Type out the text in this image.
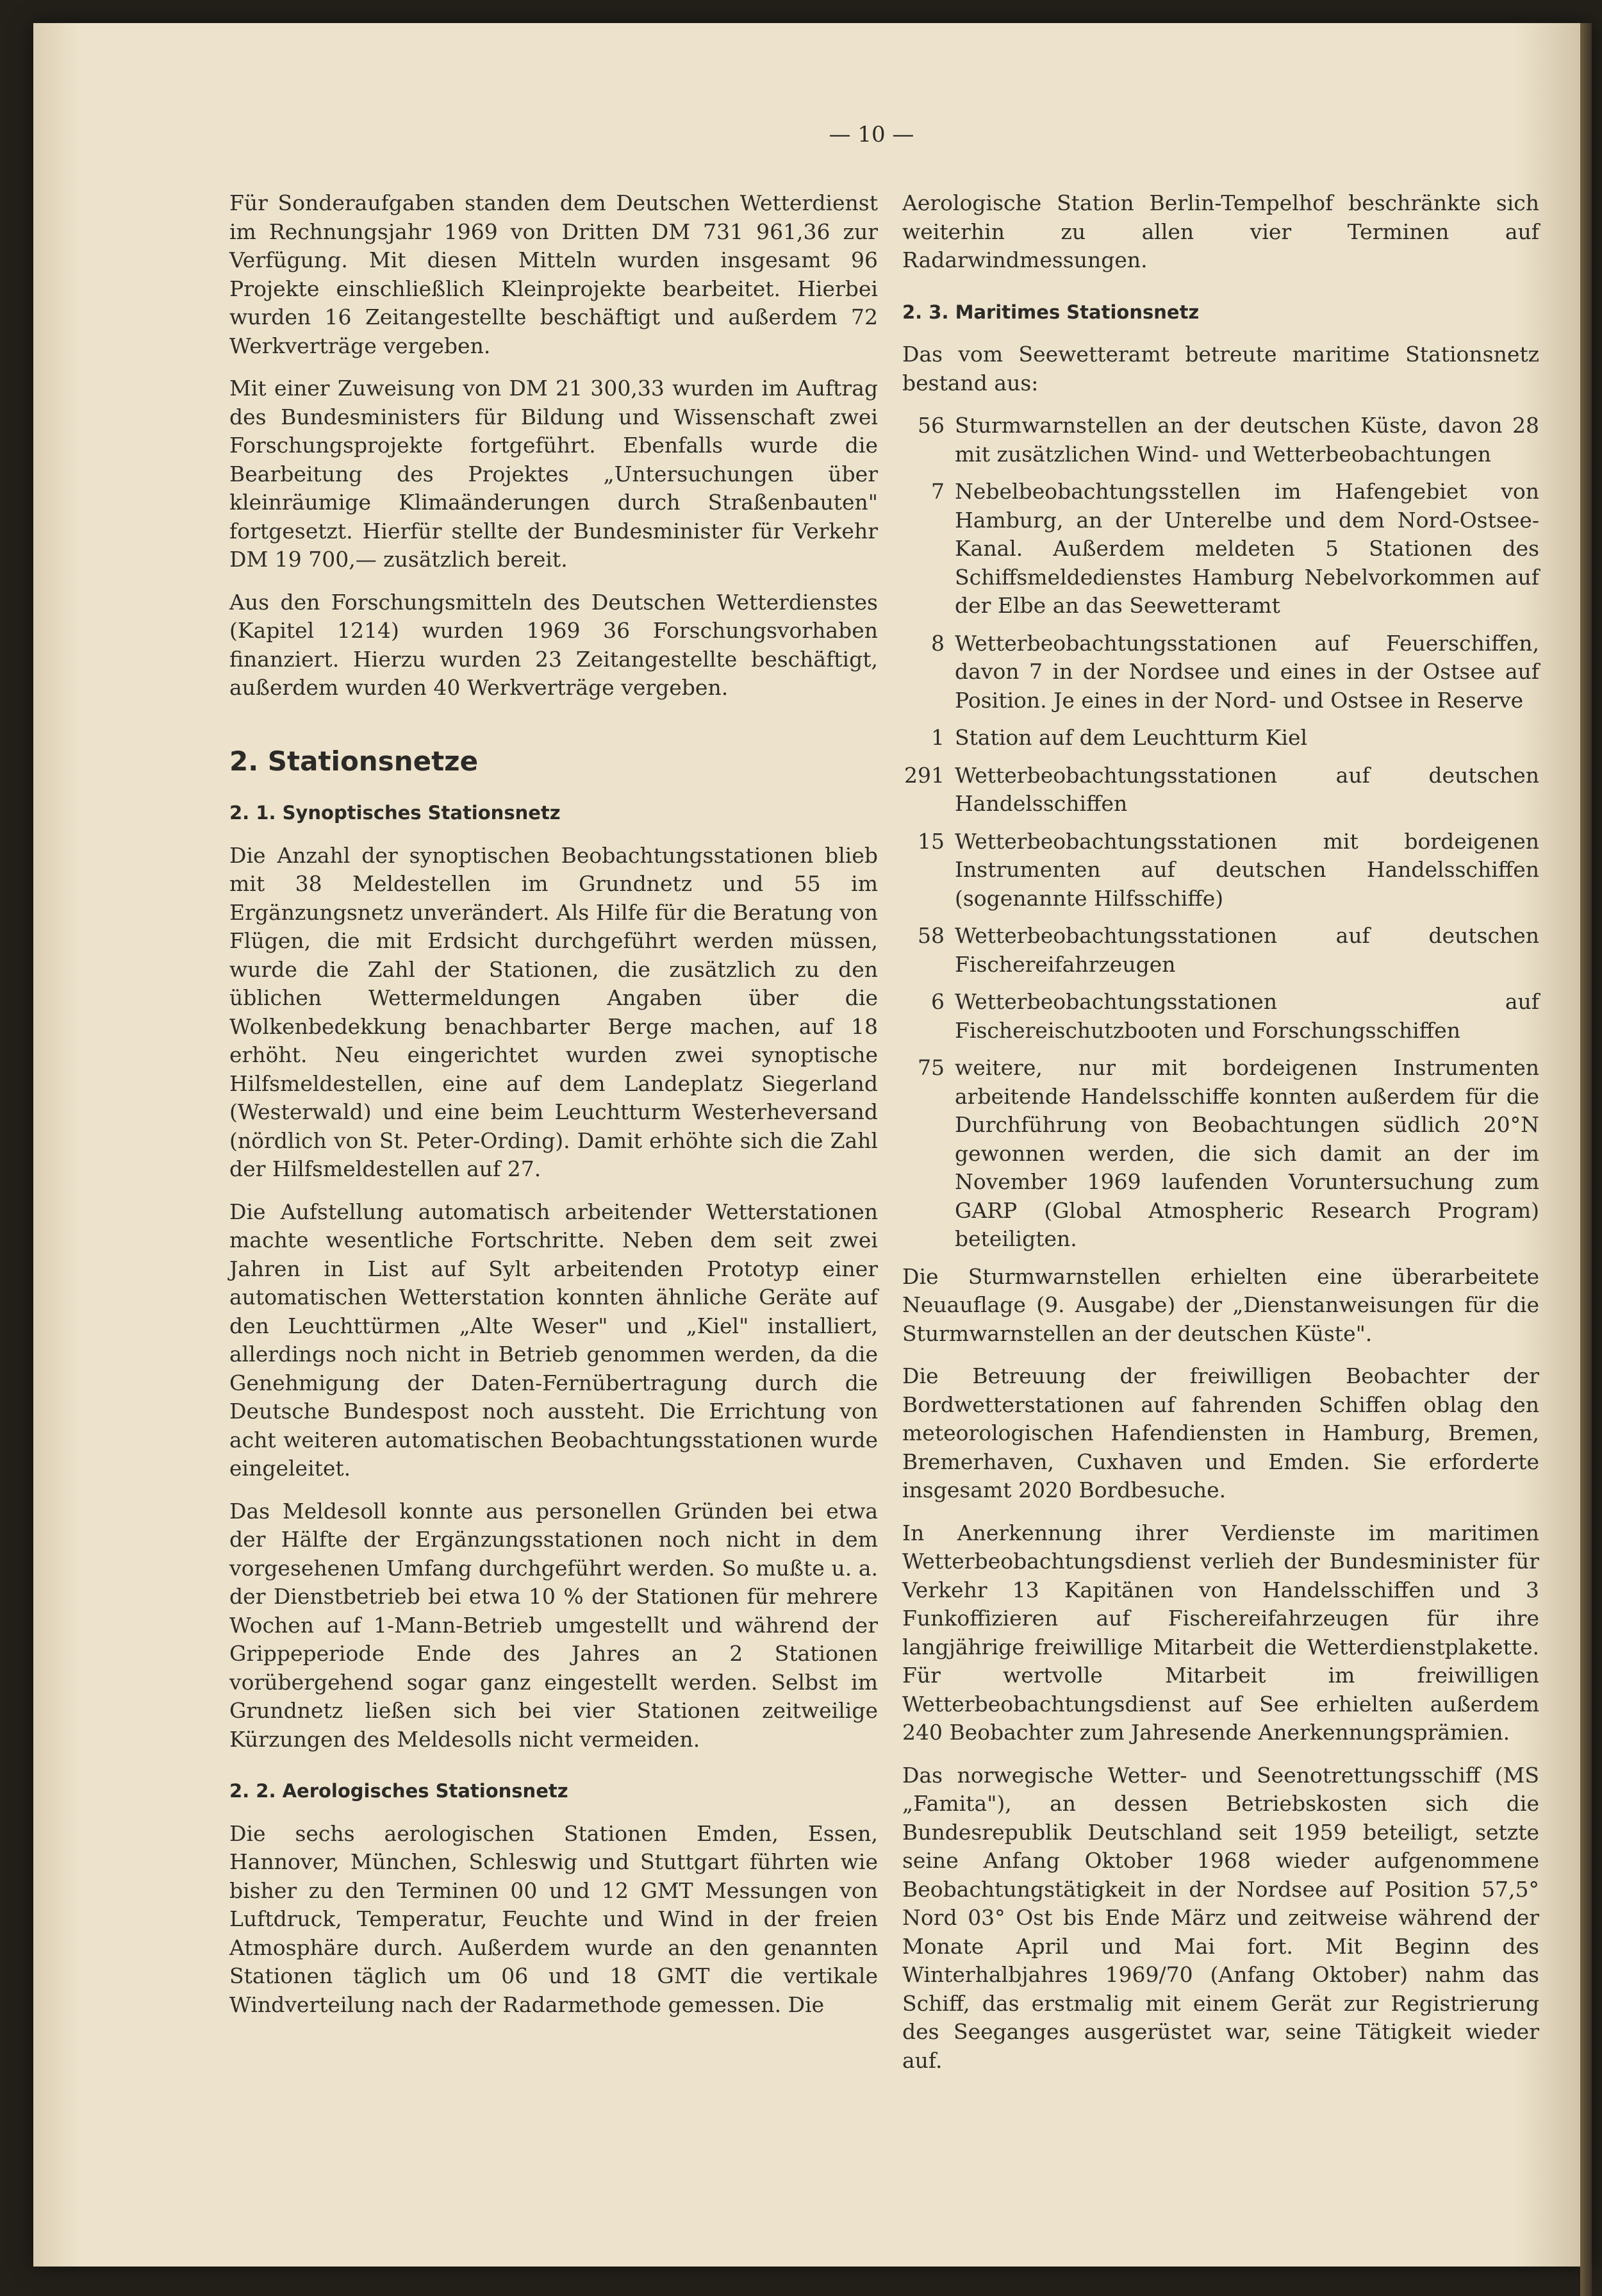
— 10 —

Für Sonderaufgaben standen dem Deutschen Wetterdienst im Rechnungsjahr 1969 von Dritten DM 731 961,36 zur Verfügung. Mit diesen Mitteln wurden insgesamt 96 Projekte einschließlich Kleinprojekte bearbeitet. Hierbei wurden 16 Zeitangestellte beschäftigt und außerdem 72 Werkverträge vergeben.

Mit einer Zuweisung von DM 21 300,33 wurden im Auftrag des Bundesministers für Bildung und Wissenschaft zwei Forschungsprojekte fortgeführt. Ebenfalls wurde die Bearbeitung des Projektes „Untersuchungen über kleinräumige Klimaänderungen durch Straßenbauten" fortgesetzt. Hierfür stellte der Bundesminister für Verkehr DM 19 700,— zusätzlich bereit.

Aus den Forschungsmitteln des Deutschen Wetterdienstes (Kapitel 1214) wurden 1969 36 Forschungsvorhaben finanziert. Hierzu wurden 23 Zeitangestellte beschäftigt, außerdem wurden 40 Werkverträge vergeben.

2. Stationsnetze
2. 1. Synoptisches Stationsnetz

Die Anzahl der synoptischen Beobachtungsstationen blieb mit 38 Meldestellen im Grundnetz und 55 im Ergänzungsnetz unverändert. Als Hilfe für die Beratung von Flügen, die mit Erdsicht durchgeführt werden müssen, wurde die Zahl der Stationen, die zusätzlich zu den üblichen Wettermeldungen Angaben über die Wolkenbedekkung benachbarter Berge machen, auf 18 erhöht. Neu eingerichtet wurden zwei synoptische Hilfsmeldestellen, eine auf dem Landeplatz Siegerland (Westerwald) und eine beim Leuchtturm Westerheversand (nördlich von St. Peter-Ording). Damit erhöhte sich die Zahl der Hilfsmeldestellen auf 27.

Die Aufstellung automatisch arbeitender Wetterstationen machte wesentliche Fortschritte. Neben dem seit zwei Jahren in List auf Sylt arbeitenden Prototyp einer automatischen Wetterstation konnten ähnliche Geräte auf den Leuchttürmen „Alte Weser" und „Kiel" installiert, allerdings noch nicht in Betrieb genommen werden, da die Genehmigung der Daten-Fernübertragung durch die Deutsche Bundespost noch aussteht. Die Errichtung von acht weiteren automatischen Beobachtungsstationen wurde eingeleitet.

Das Meldesoll konnte aus personellen Gründen bei etwa der Hälfte der Ergänzungsstationen noch nicht in dem vorgesehenen Umfang durchgeführt werden. So mußte u. a. der Dienstbetrieb bei etwa 10 % der Stationen für mehrere Wochen auf 1-Mann-Betrieb umgestellt und während der Grippeperiode Ende des Jahres an 2 Stationen vorübergehend sogar ganz eingestellt werden. Selbst im Grundnetz ließen sich bei vier Stationen zeitweilige Kürzungen des Meldesolls nicht vermeiden.

2. 2. Aerologisches Stationsnetz

Die sechs aerologischen Stationen Emden, Essen, Hannover, München, Schleswig und Stuttgart führten wie bisher zu den Terminen 00 und 12 GMT Messungen von Luftdruck, Temperatur, Feuchte und Wind in der freien Atmosphäre durch. Außerdem wurde an den genannten Stationen täglich um 06 und 18 GMT die vertikale Windverteilung nach der Radarmethode gemessen. Die

Aerologische Station Berlin-Tempelhof beschränkte sich weiterhin zu allen vier Terminen auf Radarwindmessungen.

2. 3. Maritimes Stationsnetz

Das vom Seewetteramt betreute maritime Stationsnetz bestand aus:

56 Sturmwarnstellen an der deutschen Küste, davon 28 mit zusätzlichen Wind- und Wetterbeobachtungen
7 Nebelbeobachtungsstellen im Hafengebiet von Hamburg, an der Unterelbe und dem Nord-Ostsee-Kanal. Außerdem meldeten 5 Stationen des Schiffsmeldedienstes Hamburg Nebelvorkommen auf der Elbe an das Seewetteramt
8 Wetterbeobachtungsstationen auf Feuerschiffen, davon 7 in der Nordsee und eines in der Ostsee auf Position. Je eines in der Nord- und Ostsee in Reserve
1 Station auf dem Leuchtturm Kiel
291 Wetterbeobachtungsstationen auf deutschen Handelsschiffen
15 Wetterbeobachtungsstationen mit bordeigenen Instrumenten auf deutschen Handelsschiffen (sogenannte Hilfsschiffe)
58 Wetterbeobachtungsstationen auf deutschen Fischereifahrzeugen
6 Wetterbeobachtungsstationen auf Fischereischutzbooten und Forschungsschiffen
75 weitere, nur mit bordeigenen Instrumenten arbeitende Handelsschiffe konnten außerdem für die Durchführung von Beobachtungen südlich 20°N gewonnen werden, die sich damit an der im November 1969 laufenden Voruntersuchung zum GARP (Global Atmospheric Research Program) beteiligten.

Die Sturmwarnstellen erhielten eine überarbeitete Neuauflage (9. Ausgabe) der „Dienstanweisungen für die Sturmwarnstellen an der deutschen Küste".

Die Betreuung der freiwilligen Beobachter der Bordwetterstationen auf fahrenden Schiffen oblag den meteorologischen Hafendiensten in Hamburg, Bremen, Bremerhaven, Cuxhaven und Emden. Sie erforderte insgesamt 2020 Bordbesuche.

In Anerkennung ihrer Verdienste im maritimen Wetterbeobachtungsdienst verlieh der Bundesminister für Verkehr 13 Kapitänen von Handelsschiffen und 3 Funkoffizieren auf Fischereifahrzeugen für ihre langjährige freiwillige Mitarbeit die Wetterdienstplakette. Für wertvolle Mitarbeit im freiwilligen Wetterbeobachtungsdienst auf See erhielten außerdem 240 Beobachter zum Jahresende Anerkennungsprämien.

Das norwegische Wetter- und Seenotrettungsschiff (MS „Famita"), an dessen Betriebskosten sich die Bundesrepublik Deutschland seit 1959 beteiligt, setzte seine Anfang Oktober 1968 wieder aufgenommene Beobachtungstätigkeit in der Nordsee auf Position 57,5° Nord 03° Ost bis Ende März und zeitweise während der Monate April und Mai fort. Mit Beginn des Winterhalbjahres 1969/70 (Anfang Oktober) nahm das Schiff, das erstmalig mit einem Gerät zur Registrierung des Seeganges ausgerüstet war, seine Tätigkeit wieder auf.
